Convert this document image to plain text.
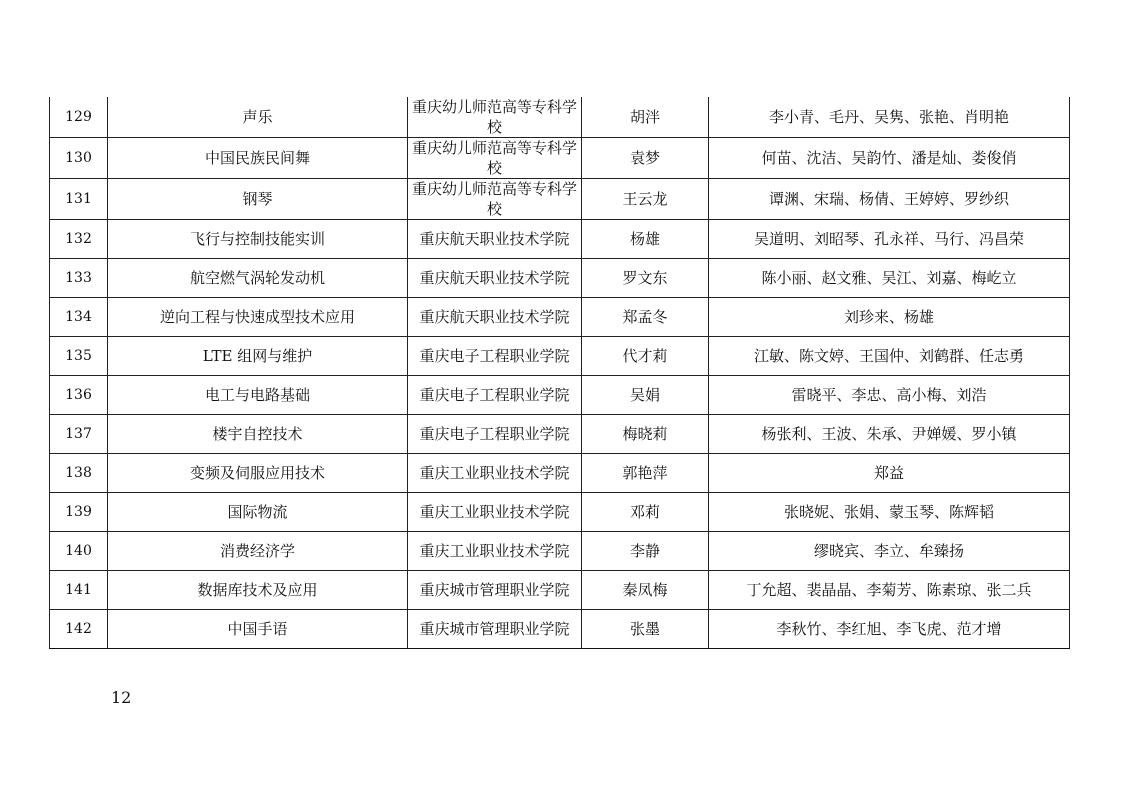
129	声乐	重庆幼儿师范高等专科学校	胡泮	李小青、毛丹、吴隽、张艳、肖明艳
130	中国民族民间舞	重庆幼儿师范高等专科学校	袁梦	何苗、沈洁、吴韵竹、潘是灿、娄俊俏
131	钢琴	重庆幼儿师范高等专科学校	王云龙	谭渊、宋瑞、杨倩、王婷婷、罗纱织
132	飞行与控制技能实训	重庆航天职业技术学院	杨雄	吴道明、刘昭琴、孔永祥、马行、冯昌荣
133	航空燃气涡轮发动机	重庆航天职业技术学院	罗文东	陈小丽、赵文雅、吴江、刘嘉、梅屹立
134	逆向工程与快速成型技术应用	重庆航天职业技术学院	郑孟冬	刘珍来、杨雄
135	LTE 组网与维护	重庆电子工程职业学院	代才莉	江敏、陈文婷、王国仲、刘鹤群、任志勇
136	电工与电路基础	重庆电子工程职业学院	吴娟	雷晓平、李忠、高小梅、刘浩
137	楼宇自控技术	重庆电子工程职业学院	梅晓莉	杨张利、王波、朱承、尹婵媛、罗小镇
138	变频及伺服应用技术	重庆工业职业技术学院	郭艳萍	郑益
139	国际物流	重庆工业职业技术学院	邓莉	张晓妮、张娟、蒙玉琴、陈辉韬
140	消费经济学	重庆工业职业技术学院	李静	缪晓宾、李立、牟臻扬
141	数据库技术及应用	重庆城市管理职业学院	秦凤梅	丁允超、裴晶晶、李菊芳、陈素琼、张二兵
142	中国手语	重庆城市管理职业学院	张墨	李秋竹、李红旭、李飞虎、范才增
12
